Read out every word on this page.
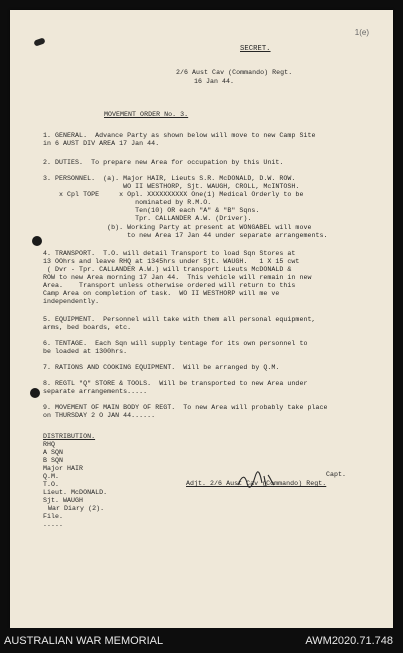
1(e)
SECRET.
2/6 Aust Cav (Commando) Regt.
16 Jan 44.
MOVEMENT ORDER No. 3.
1. GENERAL.  Advance Party as shown below will move to new Camp Site
in 6 AUST DIV AREA 17 Jan 44.
2. DUTIES.  To prepare new Area for occupation by this Unit.
3. PERSONNEL.  (a). Major HAIR, Lieuts S.R. McDONALD, D.W. ROW.
WO II WESTHORP, Sjt. WAUGH, CROLL, McINTOSH.
x Cpl TOPE     x Opl. XXXXXXXXXX One(1) Medical Orderly to be
nominated by R.M.O.
Ten(10) OR each "A" & "B" Sqns.
Tpr. CALLANDER A.W. (Driver).
(b). Working Party at present at WONGABEL will move
to new Area 17 Jan 44 under separate arrangements.
4. TRANSPORT.  T.O. will detail Transport to load Sqn Stores at
13 OOhrs and leave RHQ at 1345hrs under Sjt. WAUGH.   1 X 15 cwt
( Dvr - Tpr. CALLANDER A.W.) will transport Lieuts McDONALD &
ROW to new Area morning 17 Jan 44.  This vehicle will remain in new
Area.    Transport unless otherwise ordered will return to this
Camp Area on completion of task.  WO II WESTHORP will me ve
independently.
5. EQUIPMENT.  Personnel will take with them all personal equipment,
arms, bed boards, etc.
6. TENTAGE.  Each Sqn will supply tentage for its own personnel to
be loaded at 1300hrs.
7. RATIONS AND COOKING EQUIPMENT.  Will be arranged by Q.M.
8. REGTL "Q" STORE & TOOLS.  Will be transported to new Area under
separate arrangements.....
9. MOVEMENT OF MAIN BODY OF REGT.  To new Area will probably take place
on THURSDAY 2 O JAN 44......
DISTRIBUTION.
RHQ
A SQN
B SQN
Major HAIR
Q.M.
T.O.
Lieut. McDONALD.
Sjt. WAUGH
War Diary (2).
File.
.....
Capt.
Adjt. 2/6 Aust Cav (Commando) Regt.
AUSTRALIAN WAR MEMORIAL	AWM2020.71.748
